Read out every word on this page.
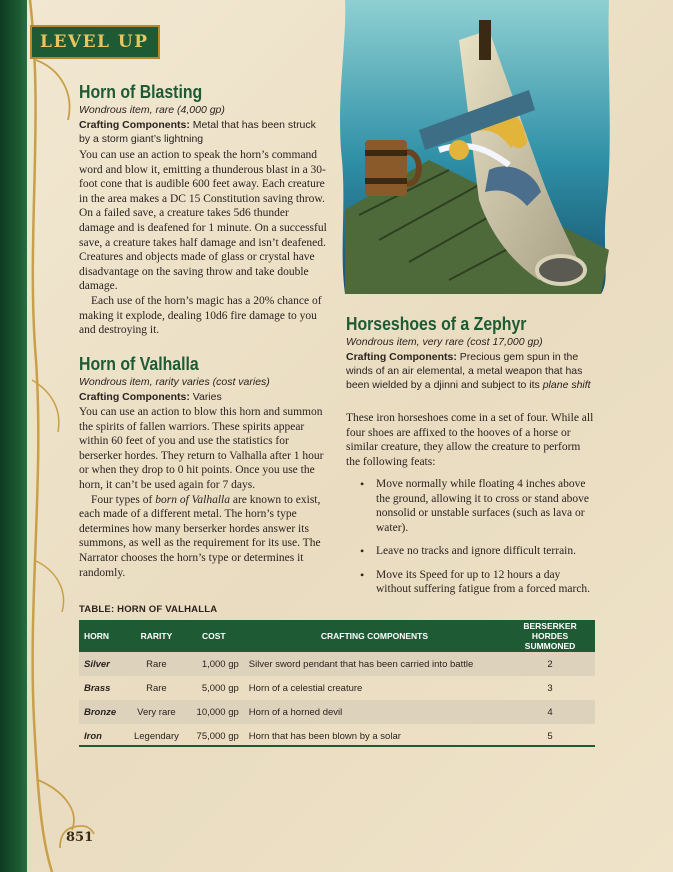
LEVEL UP
Horn of Blasting
Wondrous item, rare (4,000 gp)
Crafting Components: Metal that has been struck by a storm giant’s lightning

You can use an action to speak the horn’s command word and blow it, emitting a thunderous blast in a 30-foot cone that is audible 600 feet away. Each creature in the area makes a DC 15 Constitution saving throw. On a failed save, a creature takes 5d6 thunder damage and is deafened for 1 minute. On a successful save, a creature takes half damage and isn’t deafened. Creatures and objects made of glass or crystal have disadvantage on the saving throw and take double damage.

Each use of the horn’s magic has a 20% chance of making it explode, dealing 10d6 fire damage to you and destroying it.

Horn of Valhalla
Wondrous item, rarity varies (cost varies)
Crafting Components: Varies

You can use an action to blow this horn and summon the spirits of fallen warriors. These spirits appear within 60 feet of you and use the statistics for berserker hordes. They return to Valhalla after 1 hour or when they drop to 0 hit points. Once you use the horn, it can’t be used again for 7 days.

Four types of born of Valhalla are known to exist, each made of a different metal. The horn’s type determines how many berserker hordes answer its summons, as well as the requirement for its use. The Narrator chooses the horn’s type or determines it randomly.

Horseshoes of a Zephyr
Wondrous item, very rare (cost 17,000 gp)
Crafting Components: Precious gem spun in the winds of an air elemental, a metal weapon that has been wielded by a djinni and subject to its plane shift

These iron horseshoes come in a set of four. While all four shoes are affixed to the hooves of a horse or similar creature, they allow the creature to perform the following feats:

• Move normally while floating 4 inches above the ground, allowing it to cross or stand above nonsolid or unstable surfaces (such as lava or water).
• Leave no tracks and ignore difficult terrain.
• Move its Speed for up to 12 hours a day without suffering fatigue from a forced march.
TABLE: HORN OF VALHALLA
HORN	RARITY	COST	CRAFTING COMPONENTS	BERSERKER HORDES SUMMONED
Silver	Rare	1,000 gp	Silver sword pendant that has been carried into battle	2
Brass	Rare	5,000 gp	Horn of a celestial creature	3
Bronze	Very rare	10,000 gp	Horn of a horned devil	4
Iron	Legendary	75,000 gp	Horn that has been blown by a solar	5
851
